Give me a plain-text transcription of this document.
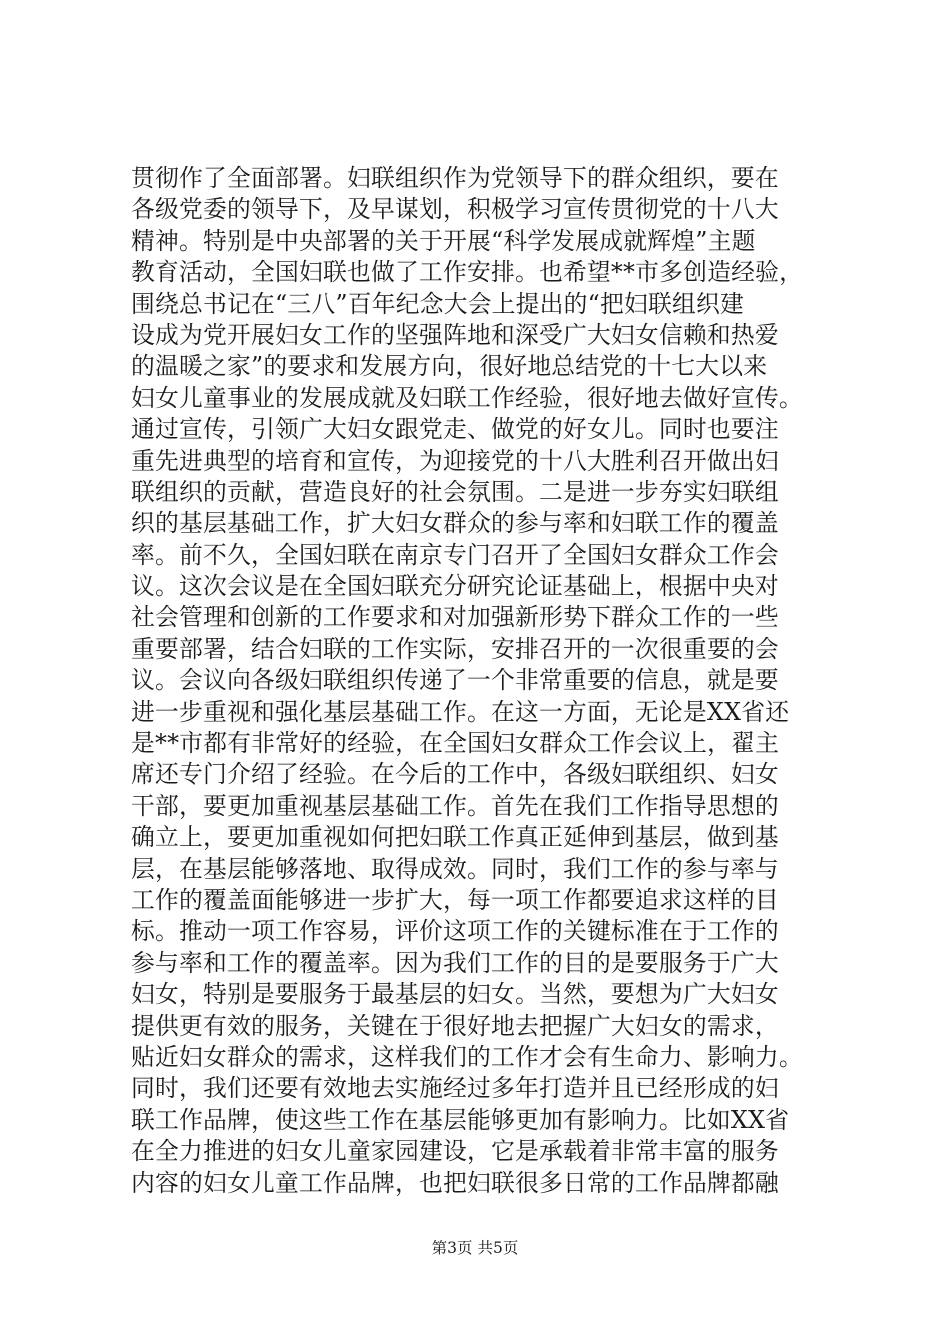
贯彻作了全面部署。妇联组织作为党领导下的群众组织，要在
各级党委的领导下，及早谋划，积极学习宣传贯彻党的十八大
精神。特别是中央部署的关于开展“科学发展成就辉煌”主题
教育活动，全国妇联也做了工作安排。也希望**市多创造经验，
围绕总书记在“三八”百年纪念大会上提出的“把妇联组织建
设成为党开展妇女工作的坚强阵地和深受广大妇女信赖和热爱
的温暖之家”的要求和发展方向，很好地总结党的十七大以来
妇女儿童事业的发展成就及妇联工作经验，很好地去做好宣传。
通过宣传，引领广大妇女跟党走、做党的好女儿。同时也要注
重先进典型的培育和宣传，为迎接党的十八大胜利召开做出妇
联组织的贡献，营造良好的社会氛围。二是进一步夯实妇联组
织的基层基础工作，扩大妇女群众的参与率和妇联工作的覆盖
率。前不久，全国妇联在南京专门召开了全国妇女群众工作会
议。这次会议是在全国妇联充分研究论证基础上，根据中央对
社会管理和创新的工作要求和对加强新形势下群众工作的一些
重要部署，结合妇联的工作实际，安排召开的一次很重要的会
议。会议向各级妇联组织传递了一个非常重要的信息，就是要
进一步重视和强化基层基础工作。在这一方面，无论是XX省还
是**市都有非常好的经验，在全国妇女群众工作会议上，翟主
席还专门介绍了经验。在今后的工作中，各级妇联组织、妇女
干部，要更加重视基层基础工作。首先在我们工作指导思想的
确立上，要更加重视如何把妇联工作真正延伸到基层，做到基
层，在基层能够落地、取得成效。同时，我们工作的参与率与
工作的覆盖面能够进一步扩大，每一项工作都要追求这样的目
标。推动一项工作容易，评价这项工作的关键标准在于工作的
参与率和工作的覆盖率。因为我们工作的目的是要服务于广大
妇女，特别是要服务于最基层的妇女。当然，要想为广大妇女
提供更有效的服务，关键在于很好地去把握广大妇女的需求，
贴近妇女群众的需求，这样我们的工作才会有生命力、影响力。
同时，我们还要有效地去实施经过多年打造并且已经形成的妇
联工作品牌，使这些工作在基层能够更加有影响力。比如XX省
在全力推进的妇女儿童家园建设，它是承载着非常丰富的服务
内容的妇女儿童工作品牌，也把妇联很多日常的工作品牌都融
第3页 共5页
